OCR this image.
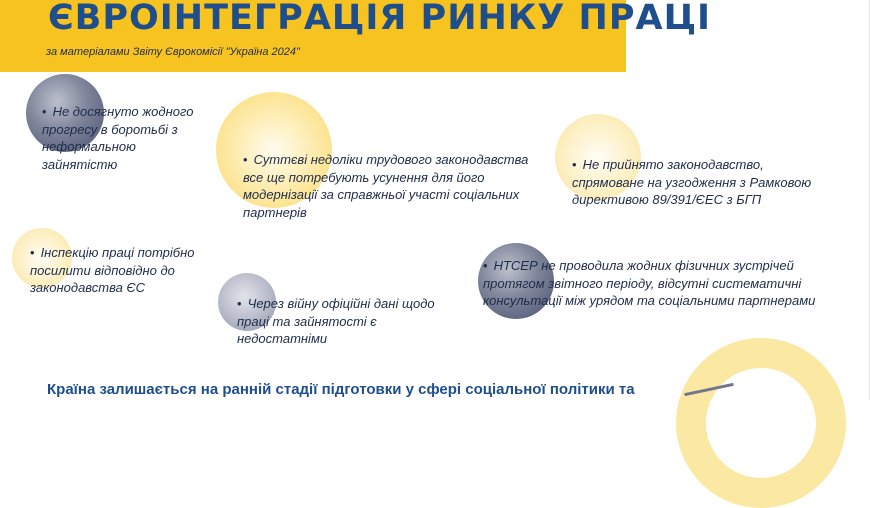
ЄВРОІНТЕГРАЦІЯ РИНКУ ПРАЦІ
за матеріалами Звіту Єврокомісії "Україна 2024"
• Не досягнуто жодного прогресу в боротьбі з неформальною зайнятістю	• Суттєві недоліки трудового законодавства все ще потребують усунення для його модернізації за справжньої участі соціальних партнерів
• Не прийнято законодавство, спрямоване на узгодження з Рамковою директивою 89/391/ЄЕС з БГП
• Інспекцію праці потрібно посилити відповідно до законодавства ЄС
• Через війну офіційні дані щодо праці та зайнятості є недостатніми
• НТСЕР не проводила жодних фізичних зустрічей протягом звітного періоду, відсутні систематичні консультації між урядом та соціальними партнерами
Країна залишається на ранній стадії підготовки у сфері соціальної політики та
